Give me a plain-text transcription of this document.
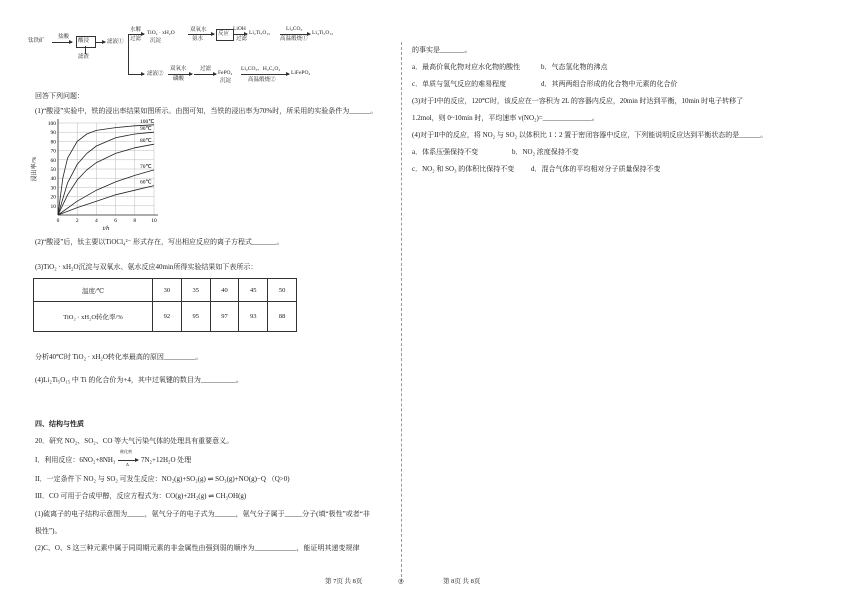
钛铁矿
盐酸
酸浸
滤渣
滤液①
水解
过滤
TiO₂ · xH₂O
沉淀
双氧水
氨水
反应
LiOH
过滤
Li₂Ti₅O₁₅
Li₂CO₃
高温煅烧①
Li₄Ti₅O₁₂
滤液②
双氧水
磷酸
过滤
FePO₄
沉淀
Li₂CO₃、H₂C₂O₄
高温煅烧②
LiFePO₄
回答下列问题：
(1)“酸浸”实验中，铁的浸出率结果如图所示。由图可知，当铁的浸出率为70%时，所采用的实验条件为______。
0	2	4	6	8	10
10
20
30
40
50
60
70
80
90
100
t/h
浸出率/%
100℃
90℃
80℃
70℃
60℃
(2)“酸浸”后，钛主要以TiOCl₄²⁻ 形式存在，写出相应反应的离子方程式_______。
(3)TiO₂ · xH₂O沉淀与双氧水、氨水反应40min所得实验结果如下表所示：
温度/℃	30	35	40	45	50
TiO₂ · xH₂O转化率/%	92	95	97	93	88
分析40℃时 TiO₂ · xH₂O转化率最高的原因_________。
(4)Li₂Ti₅O₁₅ 中 Ti 的化合价为+4，其中过氧键的数目为__________。
四、结构与性质
20．研究 NO₂、SO₂、CO 等大气污染气体的处理具有重要意义。
I．利用反应：6NO₂+8NH₃
催化剂
Δ
7N₂+12H₂O 处理
II．一定条件下 NO₂ 与 SO₂ 可发生反应：NO₂(g)+SO₂(g) ⇌ SO₃(g)+NO(g)−Q （Q>0)
III．CO 可用于合成甲醇，反应方程式为：CO(g)+2H₂(g) ⇌ CH₃OH(g)
(1)硫离子的电子结构示意图为_____，氨气分子的电子式为______，氨气分子属于_____分子(填“极性”或者“非
极性”)。
(2)C、O、S 这三种元素中属于同周期元素的非金属性由强到弱的顺序为____________，能证明其递变规律
的事实是_______。
a．最高价氧化物对应水化物的酸性	b．气态氢化物的沸点
c．单质与氢气反应的难易程度	d．其两两组合形成的化合物中元素的化合价
(3)对于I中的反应，120℃时，该反应在一容积为 2L 的容器内反应，20min 时达到平衡，10min 时电子转移了
1.2mol，则 0~10min 时，平均速率 v(NO₂)=______________。
(4)对于II中的反应，将 NO₂ 与 SO₂ 以体积比 1∶2 置于密闭容器中反应，下列能说明反应达到平衡状态的是______。
a．体系压强保持不变	b．NO₂ 浓度保持不变
c．NO₂ 和 SO₃ 的体积比保持不变 d．混合气体的平均相对分子质量保持不变
第 7页 共 8页	◎	第 8页 共 8页
